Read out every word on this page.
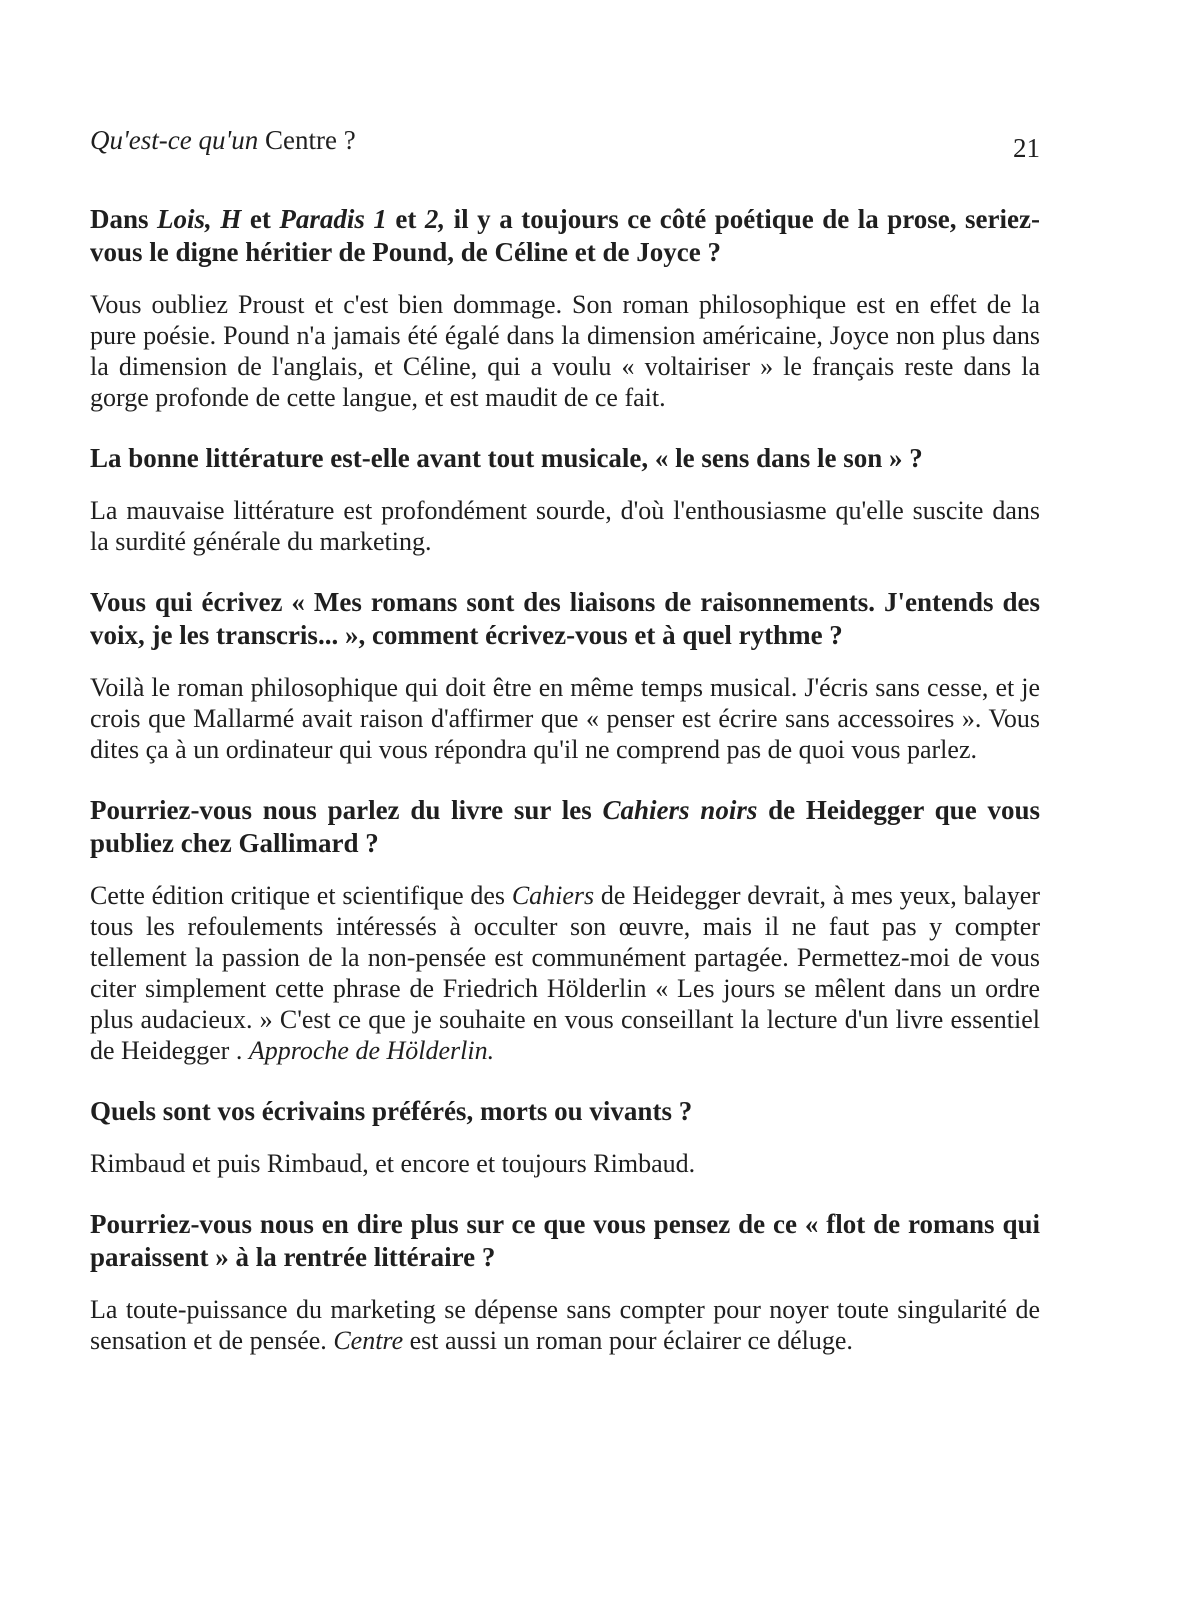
Qu'est-ce qu'un Centre ?	21

Dans Lois, H et Paradis 1 et 2, il y a toujours ce côté poétique de la prose, seriez-vous le digne héritier de Pound, de Céline et de Joyce ?

Vous oubliez Proust et c'est bien dommage. Son roman philosophique est en effet de la pure poésie. Pound n'a jamais été égalé dans la dimension américaine, Joyce non plus dans la dimension de l'anglais, et Céline, qui a voulu « voltairiser » le français reste dans la gorge profonde de cette langue, et est maudit de ce fait.

La bonne littérature est-elle avant tout musicale, « le sens dans le son » ?

La mauvaise littérature est profondément sourde, d'où l'enthousiasme qu'elle suscite dans la surdité générale du marketing.

Vous qui écrivez « Mes romans sont des liaisons de raisonnements. J'entends des voix, je les transcris... », comment écrivez-vous et à quel rythme ?

Voilà le roman philosophique qui doit être en même temps musical. J'écris sans cesse, et je crois que Mallarmé avait raison d'affirmer que « penser est écrire sans accessoires ». Vous dites ça à un ordinateur qui vous répondra qu'il ne comprend pas de quoi vous parlez.

Pourriez-vous nous parlez du livre sur les Cahiers noirs de Heidegger que vous publiez chez Gallimard ?

Cette édition critique et scientifique des Cahiers de Heidegger devrait, à mes yeux, balayer tous les refoulements intéressés à occulter son œuvre, mais il ne faut pas y compter tellement la passion de la non-pensée est communément partagée. Permettez-moi de vous citer simplement cette phrase de Friedrich Hölderlin « Les jours se mêlent dans un ordre plus audacieux. » C'est ce que je souhaite en vous conseillant la lecture d'un livre essentiel de Heidegger . Approche de Hölderlin.

Quels sont vos écrivains préférés, morts ou vivants ?

Rimbaud et puis Rimbaud, et encore et toujours Rimbaud.

Pourriez-vous nous en dire plus sur ce que vous pensez de ce « flot de romans qui paraissent » à la rentrée littéraire ?

La toute-puissance du marketing se dépense sans compter pour noyer toute singularité de sensation et de pensée. Centre est aussi un roman pour éclairer ce déluge.
